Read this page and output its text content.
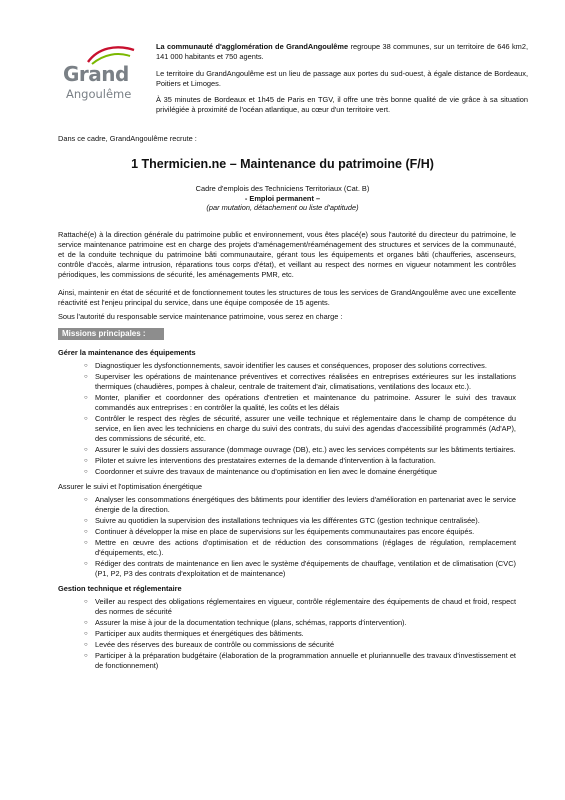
Grand
Angoulême

La communauté d'agglomération de GrandAngoulême regroupe 38 communes, sur un territoire de 646 km2, 141 000 habitants et 750 agents.

Le territoire du GrandAngoulême est un lieu de passage aux portes du sud-ouest, à égale distance de Bordeaux, Poitiers et Limoges.

À 35 minutes de Bordeaux et 1h45 de Paris en TGV, il offre une très bonne qualité de vie grâce à sa situation privilégiée à proximité de l'océan atlantique, au cœur d'un territoire vert.

Dans ce cadre, GrandAngoulême recrute :
1 Thermicien.ne – Maintenance du patrimoine (F/H)
Cadre d'emplois des Techniciens Territoriaux (Cat. B)
- Emploi permanent –
(par mutation, détachement ou liste d'aptitude)

Rattaché(e) à la direction générale du patrimoine public et environnement, vous êtes placé(e) sous l'autorité du directeur du patrimoine, le service maintenance patrimoine est en charge des projets d'aménagement/réaménagement des structures et services de la communauté, et de la conduite technique du patrimoine bâti communautaire, gérant tous les équipements et organes bâti (chaufferies, ascenseurs, contrôle d'accès, alarme intrusion, réparations tous corps d'état), et veillant au respect des normes en vigueur notamment les contrôles périodiques, les commissions de sécurité, les aménagements PMR, etc.

Ainsi, maintenir en état de sécurité et de fonctionnement toutes les structures de tous les services de GrandAngoulême avec une excellente réactivité est l'enjeu principal du service, dans une équipe composée de 15 agents.

Sous l'autorité du responsable service maintenance patrimoine, vous serez en charge :

Missions principales :
Gérer la maintenance des équipements
○ Diagnostiquer les dysfonctionnements, savoir identifier les causes et conséquences, proposer des solutions correctives.
○ Superviser les opérations de maintenance préventives et correctives réalisées en entreprises extérieures sur les installations thermiques (chaudières, pompes à chaleur, centrale de traitement d'air, climatisations, ventilations des locaux etc.).
○ Monter, planifier et coordonner des opérations d'entretien et maintenance du patrimoine. Assurer le suivi des travaux commandés aux entreprises : en contrôler la qualité, les coûts et les délais
○ Contrôler le respect des règles de sécurité, assurer une veille technique et réglementaire dans le champ de compétence du service, en lien avec les techniciens en charge du suivi des contrats, du suivi des agendas d'accessibilité programmés (Ad'AP), des commissions de sécurité, etc.
○ Assurer le suivi des dossiers assurance (dommage ouvrage (DB), etc.) avec les services compétents sur les bâtiments tertiaires.
○ Piloter et suivre les interventions des prestataires externes de la demande d'intervention à la facturation.
○ Coordonner et suivre des travaux de maintenance ou d'optimisation en lien avec le domaine énergétique
Assurer le suivi et l'optimisation énergétique
○ Analyser les consommations énergétiques des bâtiments pour identifier des leviers d'amélioration en partenariat avec le service énergie de la direction.
○ Suivre au quotidien la supervision des installations techniques via les différentes GTC (gestion technique centralisée).
○ Continuer à développer la mise en place de supervisions sur les équipements communautaires pas encore équipés.
○ Mettre en œuvre des actions d'optimisation et de réduction des consommations (réglages de régulation, remplacement d'équipements, etc.).
○ Rédiger des contrats de maintenance en lien avec le système d'équipements de chauffage, ventilation et de climatisation (CVC) (P1, P2, P3 des contrats d'exploitation et de maintenance)
Gestion technique et réglementaire
○ Veiller au respect des obligations réglementaires en vigueur, contrôle réglementaire des équipements de chaud et froid, respect des normes de sécurité
○ Assurer la mise à jour de la documentation technique (plans, schémas, rapports d'intervention).
○ Participer aux audits thermiques et énergétiques des bâtiments.
○ Levée des réserves des bureaux de contrôle ou commissions de sécurité
○ Participer à la préparation budgétaire (élaboration de la programmation annuelle et pluriannuelle des travaux d'investissement et de fonctionnement)
